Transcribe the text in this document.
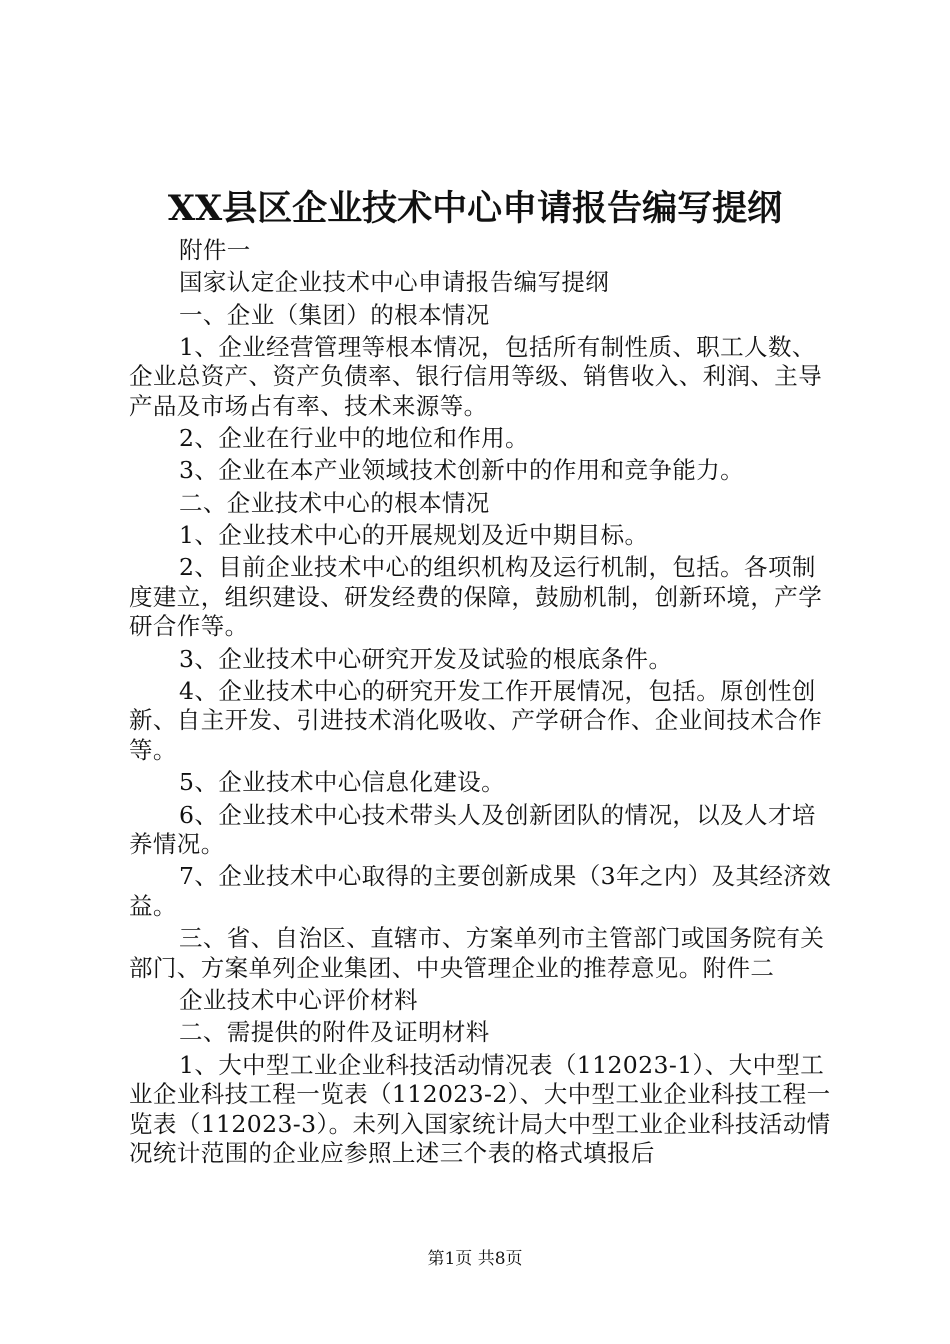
XX县区企业技术中心申请报告编写提纲

附件一

国家认定企业技术中心申请报告编写提纲

一、企业（集团）的根本情况

1、企业经营管理等根本情况，包括所有制性质、职工人数、企业总资产、资产负债率、银行信用等级、销售收入、利润、主导产品及市场占有率、技术来源等。

2、企业在行业中的地位和作用。

3、企业在本产业领域技术创新中的作用和竞争能力。

二、企业技术中心的根本情况

1、企业技术中心的开展规划及近中期目标。

2、目前企业技术中心的组织机构及运行机制，包括。各项制度建立，组织建设、研发经费的保障，鼓励机制，创新环境，产学研合作等。

3、企业技术中心研究开发及试验的根底条件。

4、企业技术中心的研究开发工作开展情况，包括。原创性创新、自主开发、引进技术消化吸收、产学研合作、企业间技术合作等。

5、企业技术中心信息化建设。

6、企业技术中心技术带头人及创新团队的情况，以及人才培养情况。

7、企业技术中心取得的主要创新成果（3年之内）及其经济效益。

三、省、自治区、直辖市、方案单列市主管部门或国务院有关部门、方案单列企业集团、中央管理企业的推荐意见。附件二

企业技术中心评价材料

二、需提供的附件及证明材料

1、大中型工业企业科技活动情况表（112023-1）、大中型工业企业科技工程一览表（112023-2）、大中型工业企业科技工程一览表（112023-3）。未列入国家统计局大中型工业企业科技活动情况统计范围的企业应参照上述三个表的格式填报后

第1页 共8页
